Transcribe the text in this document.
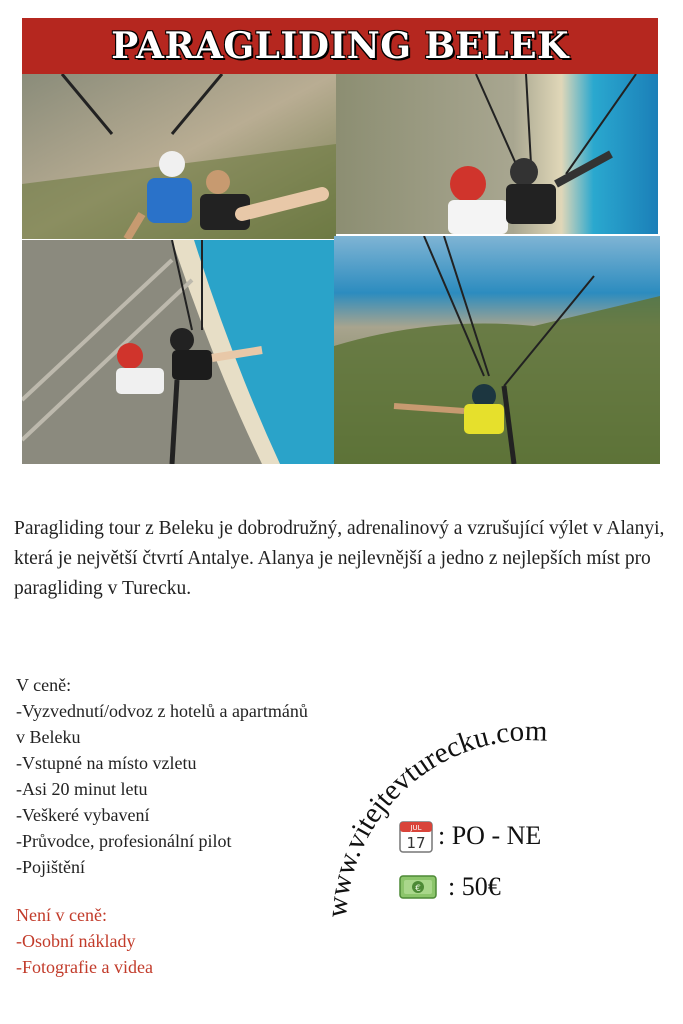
PARAGLIDING BELEK

Paragliding tour z Beleku je dobrodružný, adrenalinový a vzrušující výlet v Alanyi, která je největší čtvrtí Antalye. Alanya je nejlevnější a jedno z nejlepších míst pro paragliding v Turecku.

V ceně:
-Vyzvednutí/odvoz z hotelů a apartmánů v Beleku
-Vstupné na místo vzletu
-Asi 20 minut letu
-Veškeré vybavení
-Průvodce, profesionální pilot
-Pojištění
Není v ceně:
-Osobní náklady
-Fotografie a videa
www.vitejtevturecku.com
JUL
17 : PO - NE
€ : 50€
